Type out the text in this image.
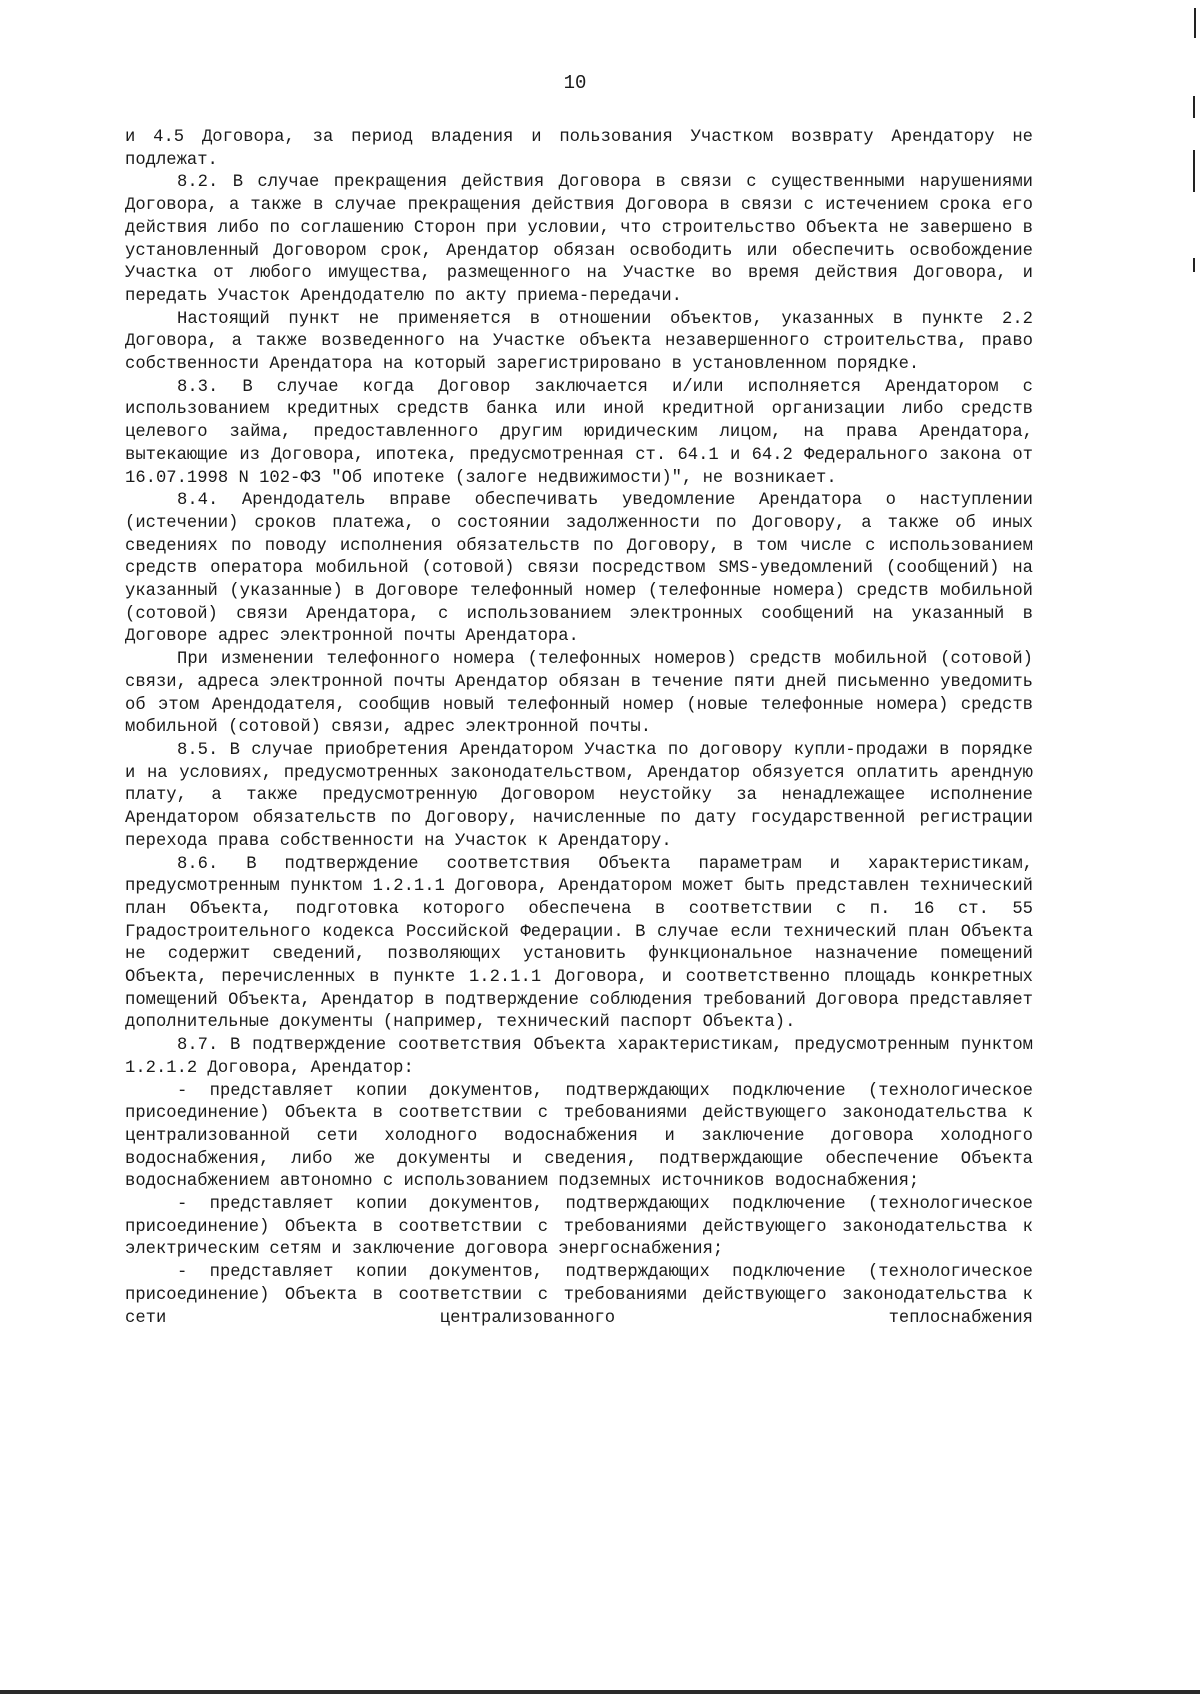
10

и 4.5 Договора, за период владения и пользования Участком возврату Арендатору не подлежат.

8.2. В случае прекращения действия Договора в связи с существенными нарушениями Договора, а также в случае прекращения действия Договора в связи с истечением срока его действия либо по соглашению Сторон при условии, что строительство Объекта не завершено в установленный Договором срок, Арендатор обязан освободить или обеспечить освобождение Участка от любого имущества, размещенного на Участке во время действия Договора, и передать Участок Арендодателю по акту приема-передачи.

Настоящий пункт не применяется в отношении объектов, указанных в пункте 2.2 Договора, а также возведенного на Участке объекта незавершенного строительства, право собственности Арендатора на который зарегистрировано в установленном порядке.

8.3. В случае когда Договор заключается и/или исполняется Арендатором с использованием кредитных средств банка или иной кредитной организации либо средств целевого займа, предоставленного другим юридическим лицом, на права Арендатора, вытекающие из Договора, ипотека, предусмотренная ст. 64.1 и 64.2 Федерального закона от 16.07.1998 N 102-ФЗ "Об ипотеке (залоге недвижимости)", не возникает.

8.4. Арендодатель вправе обеспечивать уведомление Арендатора о наступлении (истечении) сроков платежа, о состоянии задолженности по Договору, а также об иных сведениях по поводу исполнения обязательств по Договору, в том числе с использованием средств оператора мобильной (сотовой) связи посредством SMS-уведомлений (сообщений) на указанный (указанные) в Договоре телефонный номер (телефонные номера) средств мобильной (сотовой) связи Арендатора, с использованием электронных сообщений на указанный в Договоре адрес электронной почты Арендатора.

При изменении телефонного номера (телефонных номеров) средств мобильной (сотовой) связи, адреса электронной почты Арендатор обязан в течение пяти дней письменно уведомить об этом Арендодателя, сообщив новый телефонный номер (новые телефонные номера) средств мобильной (сотовой) связи, адрес электронной почты.

8.5. В случае приобретения Арендатором Участка по договору купли-продажи в порядке и на условиях, предусмотренных законодательством, Арендатор обязуется оплатить арендную плату, а также предусмотренную Договором неустойку за ненадлежащее исполнение Арендатором обязательств по Договору, начисленные по дату государственной регистрации перехода права собственности на Участок к Арендатору.

8.6. В подтверждение соответствия Объекта параметрам и характеристикам, предусмотренным пунктом 1.2.1.1 Договора, Арендатором может быть представлен технический план Объекта, подготовка которого обеспечена в соответствии с п. 16 ст. 55 Градостроительного кодекса Российской Федерации. В случае если технический план Объекта не содержит сведений, позволяющих установить функциональное назначение помещений Объекта, перечисленных в пункте 1.2.1.1 Договора, и соответственно площадь конкретных помещений Объекта, Арендатор в подтверждение соблюдения требований Договора представляет дополнительные документы (например, технический паспорт Объекта).

8.7. В подтверждение соответствия Объекта характеристикам, предусмотренным пунктом 1.2.1.2 Договора, Арендатор:

- представляет копии документов, подтверждающих подключение (технологическое присоединение) Объекта в соответствии с требованиями действующего законодательства к централизованной сети холодного водоснабжения и заключение договора холодного водоснабжения, либо же документы и сведения, подтверждающие обеспечение Объекта водоснабжением автономно с использованием подземных источников водоснабжения;

- представляет копии документов, подтверждающих подключение (технологическое присоединение) Объекта в соответствии с требованиями действующего законодательства к электрическим сетям и заключение договора энергоснабжения;

- представляет копии документов, подтверждающих подключение (технологическое присоединение) Объекта в соответствии с требованиями действующего законодательства к сети централизованного теплоснабжения
